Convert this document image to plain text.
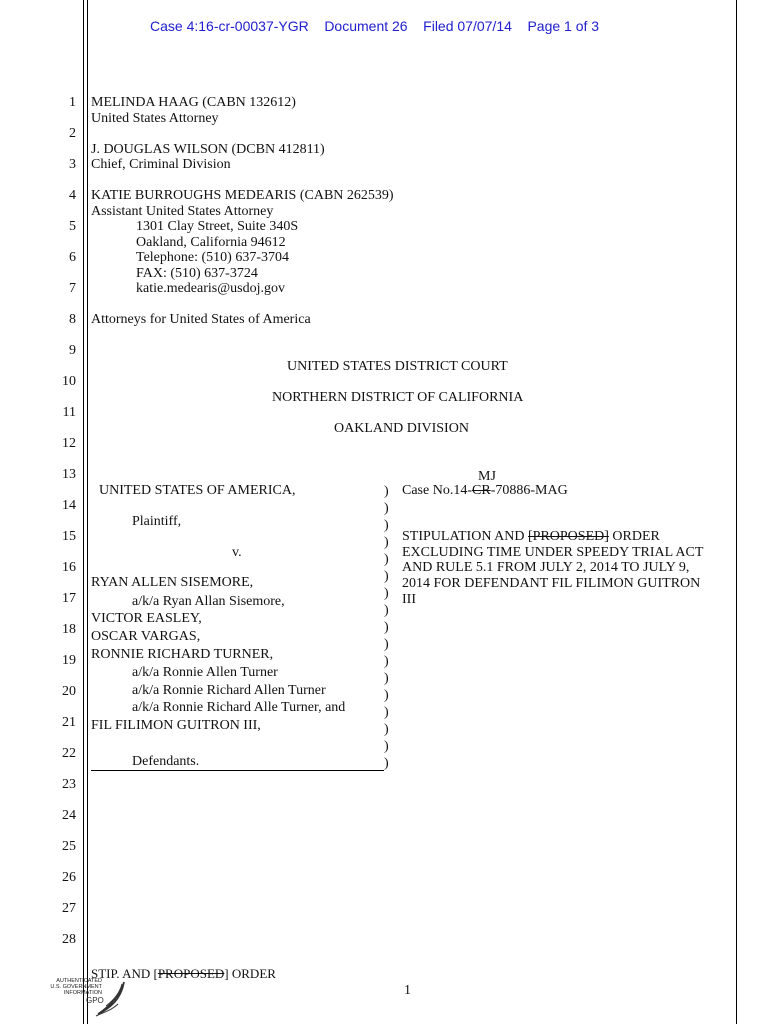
Case 4:16-cr-00037-YGR Document 26 Filed 07/07/14 Page 1 of 3
1
2
3
4
5
6
7
8
9
10
11
12
13
14
15
16
17
18
19
20
21
22
23
24
25
26
27
28
MELINDA HAAG (CABN 132612)
United States Attorney
J. DOUGLAS WILSON (DCBN 412811)
Chief, Criminal Division
KATIE BURROUGHS MEDEARIS (CABN 262539)
Assistant United States Attorney
1301 Clay Street, Suite 340S
Oakland, California 94612
Telephone: (510) 637-3704
FAX: (510) 637-3724
katie.medearis@usdoj.gov
Attorneys for United States of America
UNITED STATES DISTRICT COURT
NORTHERN DISTRICT OF CALIFORNIA
OAKLAND DIVISION
UNITED STATES OF AMERICA,
Plaintiff,
v.
RYAN ALLEN SISEMORE,
a/k/a Ryan Allan Sisemore,
VICTOR EASLEY,
OSCAR VARGAS,
RONNIE RICHARD TURNER,
a/k/a Ronnie Allen Turner
a/k/a Ronnie Richard Allen Turner
a/k/a Ronnie Richard Alle Turner, and
FIL FILIMON GUITRON III,
Defendants.
)
)
)
)
)
)
)
)
)
)
)
)
)
)
)
)
)
MJ
Case No.14-CR-70886-MAG
STIPULATION AND [PROPOSED] ORDER
EXCLUDING TIME UNDER SPEEDY TRIAL ACT
AND RULE 5.1 FROM JULY 2, 2014 TO JULY 9,
2014 FOR DEFENDANT FIL FILIMON GUITRON
III
STIP. AND [PROPOSED] ORDER
1
AUTHENTICATED
U.S. GOVERNMENT
INFORMATION
GPO
